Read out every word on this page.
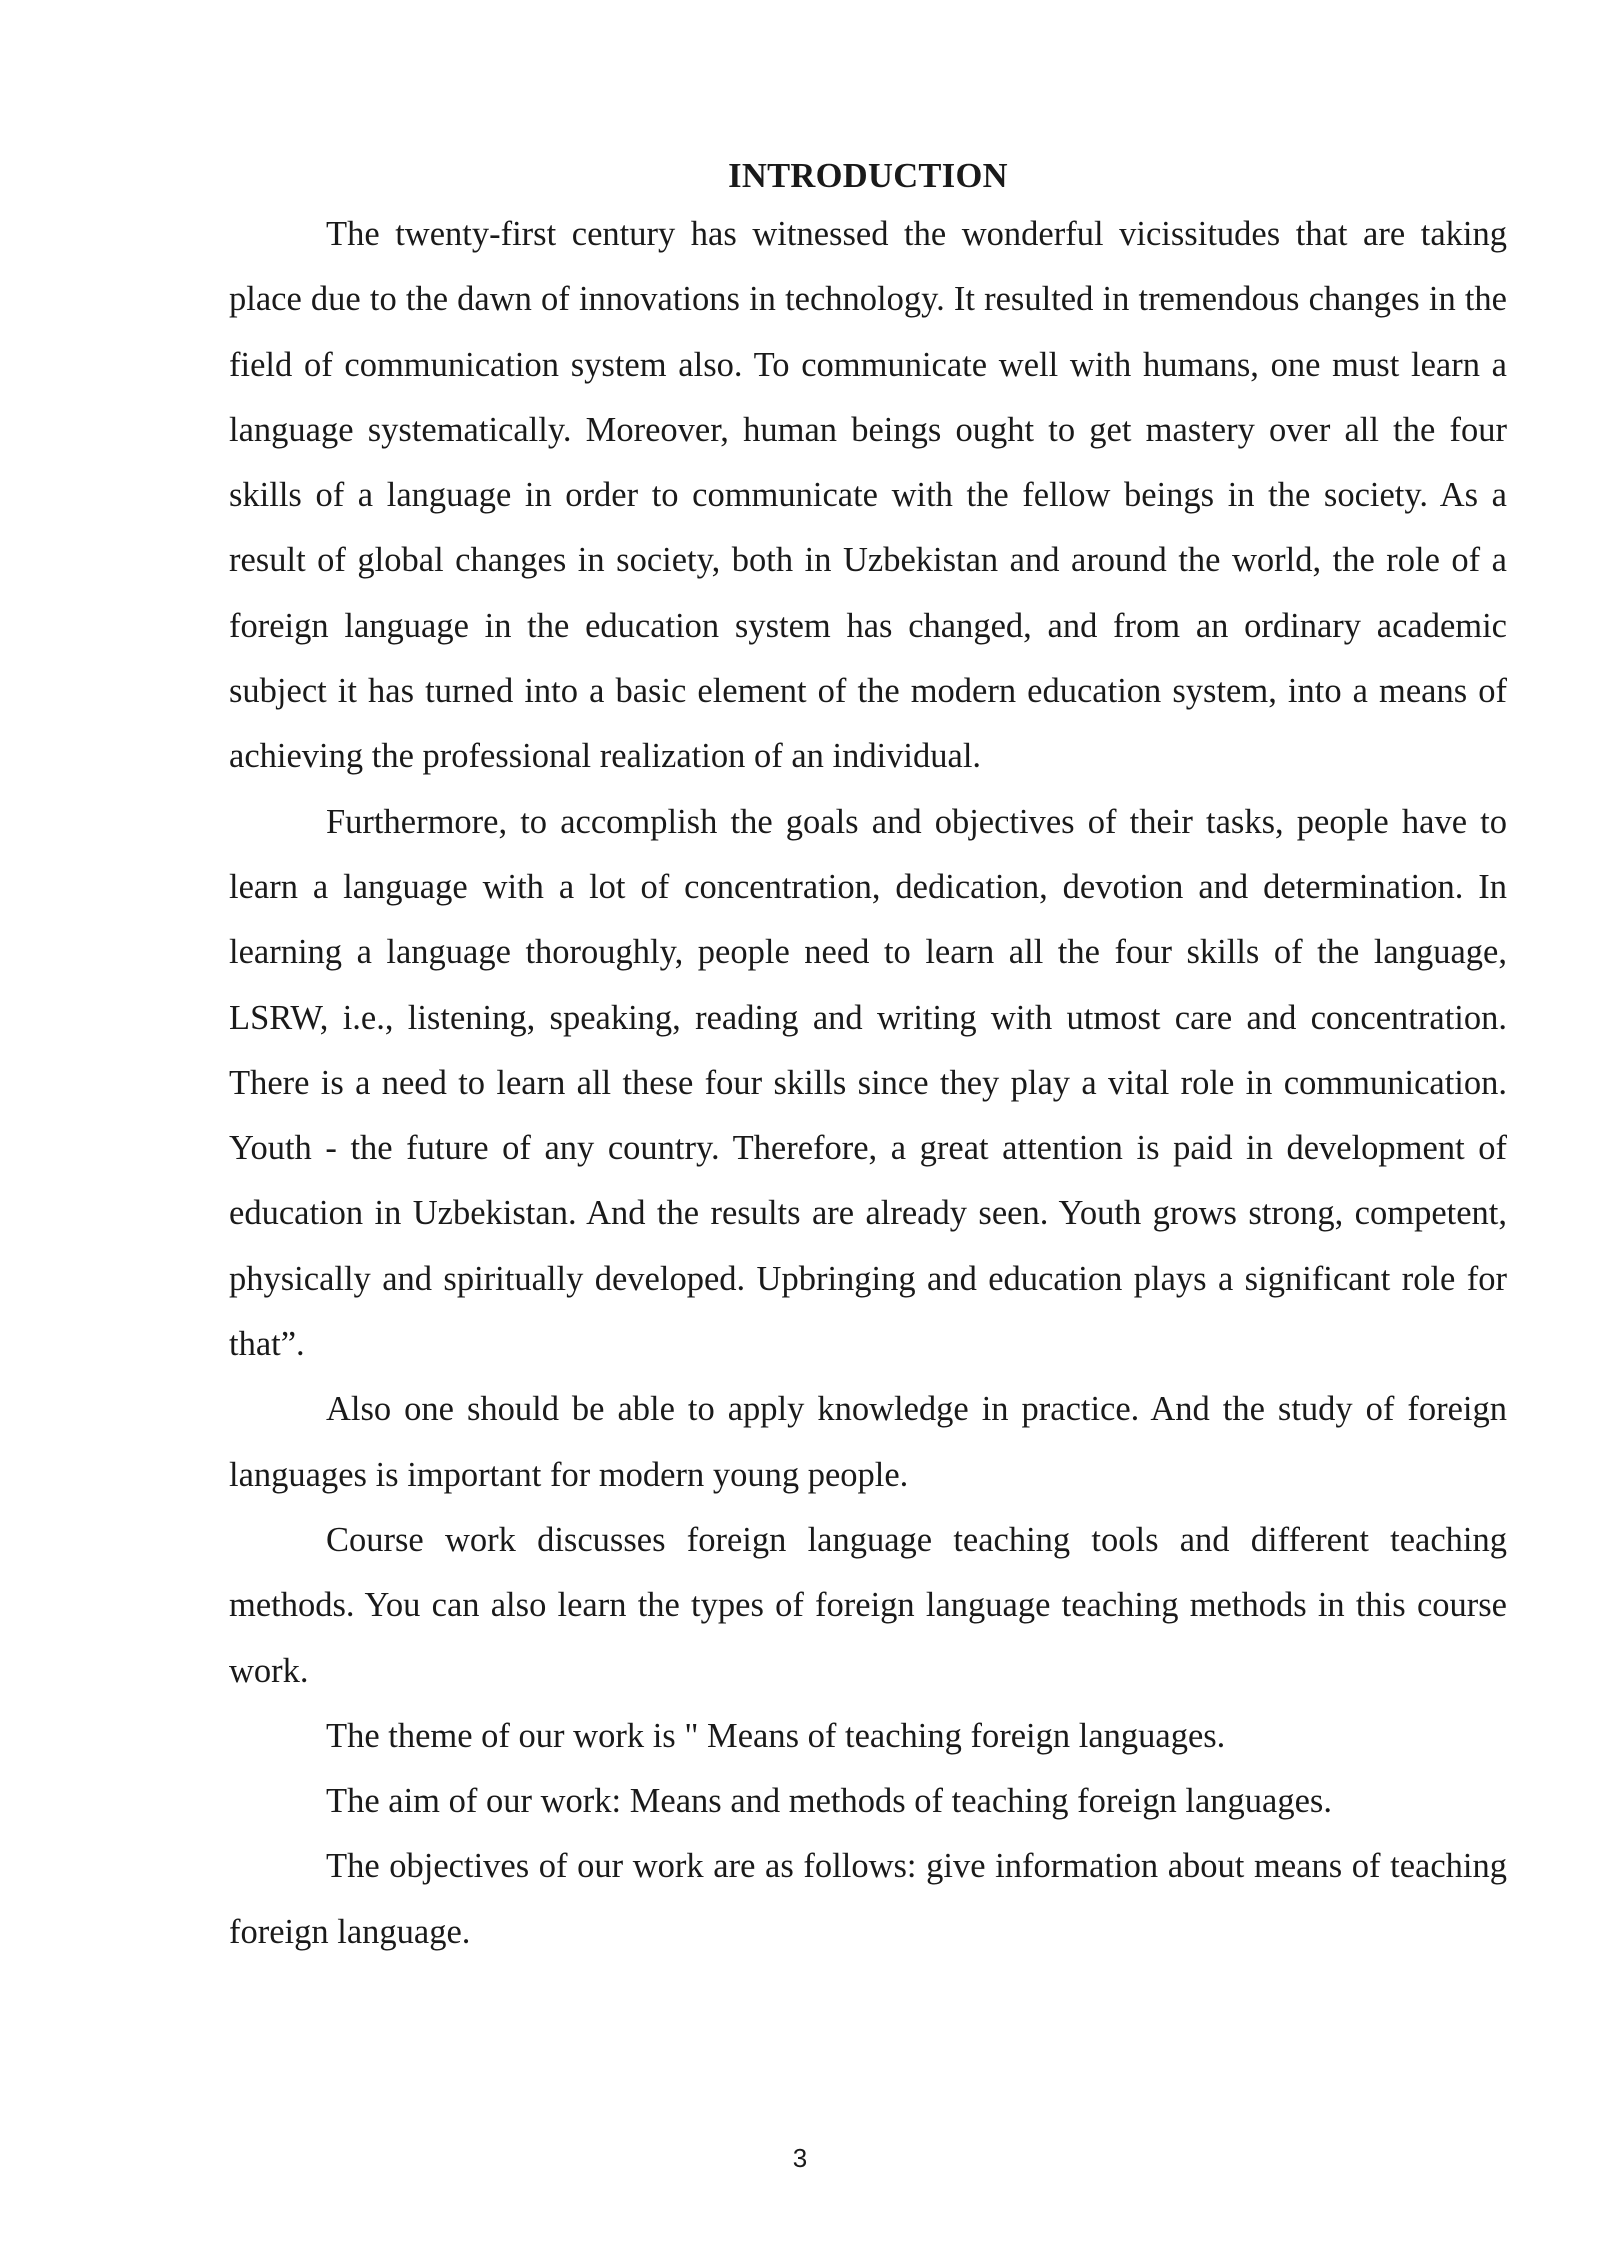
INTRODUCTION

The twenty-first century has witnessed the wonderful vicissitudes that are taking place due to the dawn of innovations in technology. It resulted in tremendous changes in the field of communication system also. To communicate well with humans, one must learn a language systematically. Moreover, human beings ought to get mastery over all the four skills of a language in order to communicate with the fellow beings in the society. As a result of global changes in society, both in Uzbekistan and around the world, the role of a foreign language in the education system has changed, and from an ordinary academic subject it has turned into a basic element of the modern education system, into a means of achieving the professional realization of an individual.

Furthermore, to accomplish the goals and objectives of their tasks, people have to learn a language with a lot of concentration, dedication, devotion and determination. In learning a language thoroughly, people need to learn all the four skills of the language, LSRW, i.e., listening, speaking, reading and writing with utmost care and concentration. There is a need to learn all these four skills since they play a vital role in communication. Youth - the future of any country. Therefore, a great attention is paid in development of education in Uzbekistan. And the results are already seen. Youth grows strong, competent, physically and spiritually developed. Upbringing and education plays a significant role for that”.

Also one should be able to apply knowledge in practice. And the study of foreign languages is important for modern young people.

Course work discusses foreign language teaching tools and different teaching methods. You can also learn the types of foreign language teaching methods in this course work.

The theme of our work is " Means of teaching foreign languages.

The aim of our work: Means and methods of teaching foreign languages.

The objectives of our work are as follows: give information about means of teaching foreign language.

3
